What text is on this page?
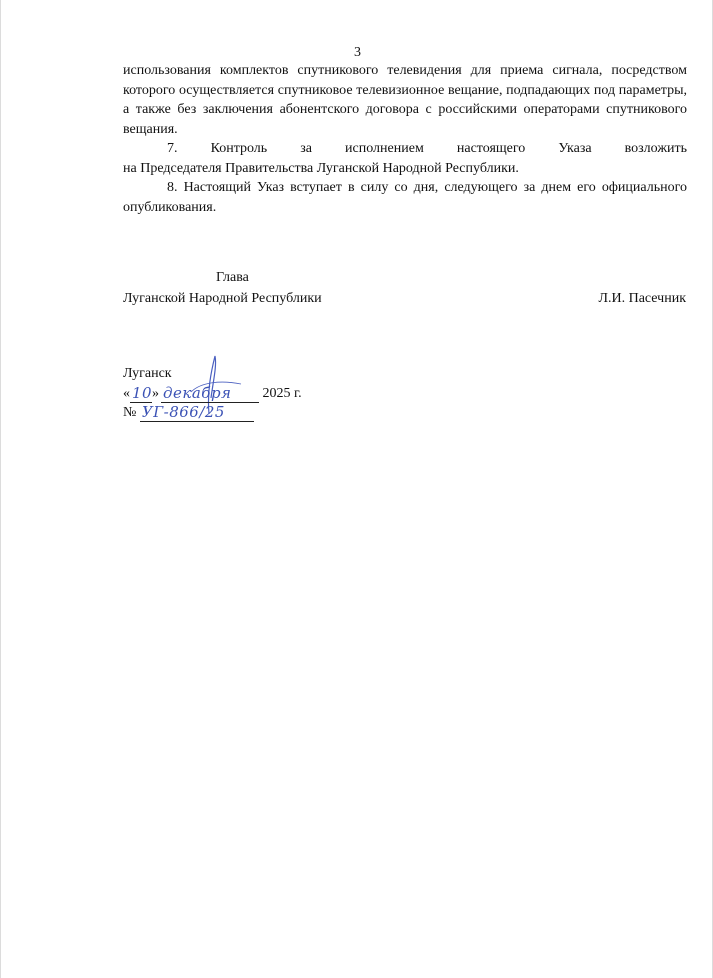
3

использования комплектов спутникового телевидения для приема сигнала, посредством которого осуществляется спутниковое телевизионное вещание, подпадающих под параметры, а также без заключения абонентского договора с российскими операторами спутникового вещания.

7. Контроль за исполнением настоящего Указа возложить

на Председателя Правительства Луганской Народной Республики.

8. Настоящий Указ вступает в силу со дня, следующего за днем его официального опубликования.

Глава
Луганской Народной Республики	Л.И. Пасечник
Луганск
« 10 » декабря 2025 г.
№ УГ-866/25
